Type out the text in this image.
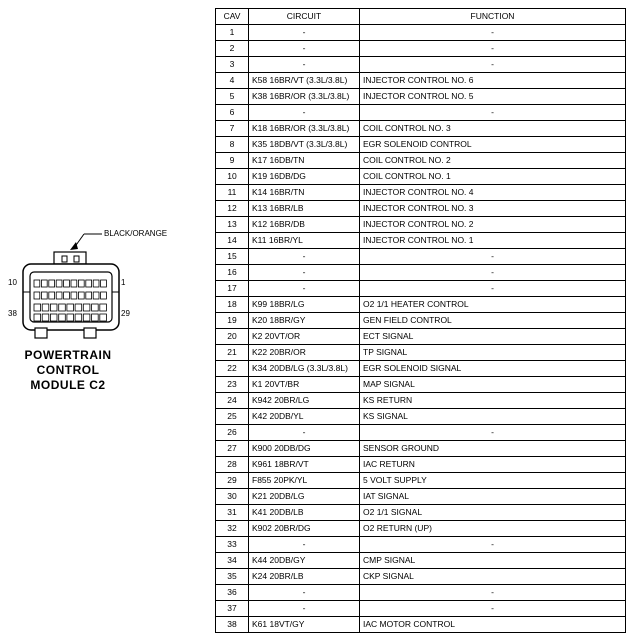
BLACK/ORANGE
10	1
38	29
POWERTRAIN
CONTROL
MODULE C2
CAV	CIRCUIT	FUNCTION
1	-	-
2	-	-
3	-	-
4	K58 16BR/VT (3.3L/3.8L)	INJECTOR CONTROL NO. 6
5	K38 16BR/OR (3.3L/3.8L)	INJECTOR CONTROL NO. 5
6	-	-
7	K18 16BR/OR (3.3L/3.8L)	COIL CONTROL NO. 3
8	K35 18DB/VT (3.3L/3.8L)	EGR SOLENOID CONTROL
9	K17 16DB/TN	COIL CONTROL NO. 2
10	K19 16DB/DG	COIL CONTROL NO. 1
11	K14 16BR/TN	INJECTOR CONTROL NO. 4
12	K13 16BR/LB	INJECTOR CONTROL NO. 3
13	K12 16BR/DB	INJECTOR CONTROL NO. 2
14	K11 16BR/YL	INJECTOR CONTROL NO. 1
15	-	-
16	-	-
17	-	-
18	K99 18BR/LG	O2 1/1 HEATER CONTROL
19	K20 18BR/GY	GEN FIELD CONTROL
20	K2 20VT/OR	ECT SIGNAL
21	K22 20BR/OR	TP SIGNAL
22	K34 20DB/LG (3.3L/3.8L)	EGR SOLENOID SIGNAL
23	K1 20VT/BR	MAP SIGNAL
24	K942 20BR/LG	KS RETURN
25	K42 20DB/YL	KS SIGNAL
26	-	-
27	K900 20DB/DG	SENSOR GROUND
28	K961 18BR/VT	IAC RETURN
29	F855 20PK/YL	5 VOLT SUPPLY
30	K21 20DB/LG	IAT SIGNAL
31	K41 20DB/LB	O2 1/1 SIGNAL
32	K902 20BR/DG	O2 RETURN (UP)
33	-	-
34	K44 20DB/GY	CMP SIGNAL
35	K24 20BR/LB	CKP SIGNAL
36	-	-
37	-	-
38	K61 18VT/GY	IAC MOTOR CONTROL
